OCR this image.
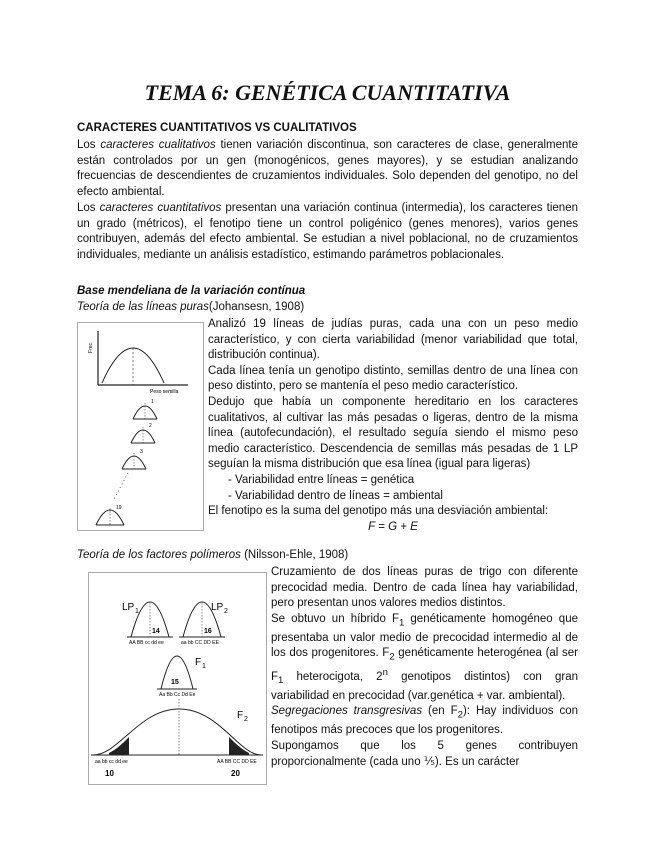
TEMA 6: GENÉTICA CUANTITATIVA
CARACTERES CUANTITATIVOS VS CUALITATIVOS

Los caracteres cualitativos tienen variación discontinua, son caracteres de clase, generalmente están controlados por un gen (monogénicos, genes mayores), y se estudian analizando frecuencias de descendientes de cruzamientos individuales. Solo dependen del genotipo, no del efecto ambiental.

Los caracteres cuantitativos presentan una variación continua (intermedia), los caracteres tienen un grado (métricos), el fenotipo tiene un control poligénico (genes menores), varios genes contribuyen, además del efecto ambiental. Se estudian a nivel poblacional, no de cruzamientos individuales, mediante un análisis estadístico, estimando parámetros poblacionales.

Base mendeliana de la variación contínua

Teoría de las líneas puras(Johansesn, 1908)

Frec.
Peso semilla
1
2
3
19

Analizó 19 líneas de judías puras, cada una con un peso medio característico, y con cierta variabilidad (menor variabilidad que total, distribución continua).

Cada línea tenía un genotipo distinto, semillas dentro de una línea con peso distinto, pero se mantenía el peso medio característico.

Dedujo que había un componente hereditario en los caracteres cualitativos, al cultivar las más pesadas o ligeras, dentro de la misma línea (autofecundación), el resultado seguía siendo el mismo peso medio característico. Descendencia de semillas más pesadas de 1 LP seguían la misma distribución que esa línea (igual para ligeras)

- Variabilidad entre líneas = genética
- Variabilidad dentro de líneas = ambiental

El fenotipo es la suma del genotipo más una desviación ambiental:

F = G + E

Teoría de los factores polímeros (Nilsson-Ehle, 1908)

LP 1
14
AA BB cc dd ee
LP 2
16
aa bb CC DD EE
F 1
15
Aa Bb Cc Dd Ee
F 2
aa bb cc dd ee	AA BB CC DD EE
10	20

Cruzamiento de dos líneas puras de trigo con diferente precocidad media. Dentro de cada línea hay variabilidad, pero presentan unos valores medios distintos.

Se obtuvo un híbrido $F_1$ genéticamente homogéneo que presentaba un valor medio de precocidad intermedio al de los dos progenitores. $F_2$ genéticamente heterogénea (al ser $F_1$ heterocigota, 2$^n$ genotipos distintos) con gran variabilidad en precocidad (var.genética + var. ambiental).

Segregaciones transgresivas (en $F_2$): Hay individuos con fenotipos más precoces que los progenitores.

Supongamos que los 5 genes contribuyen proporcionalmente (cada uno ⅕). Es un carácter
